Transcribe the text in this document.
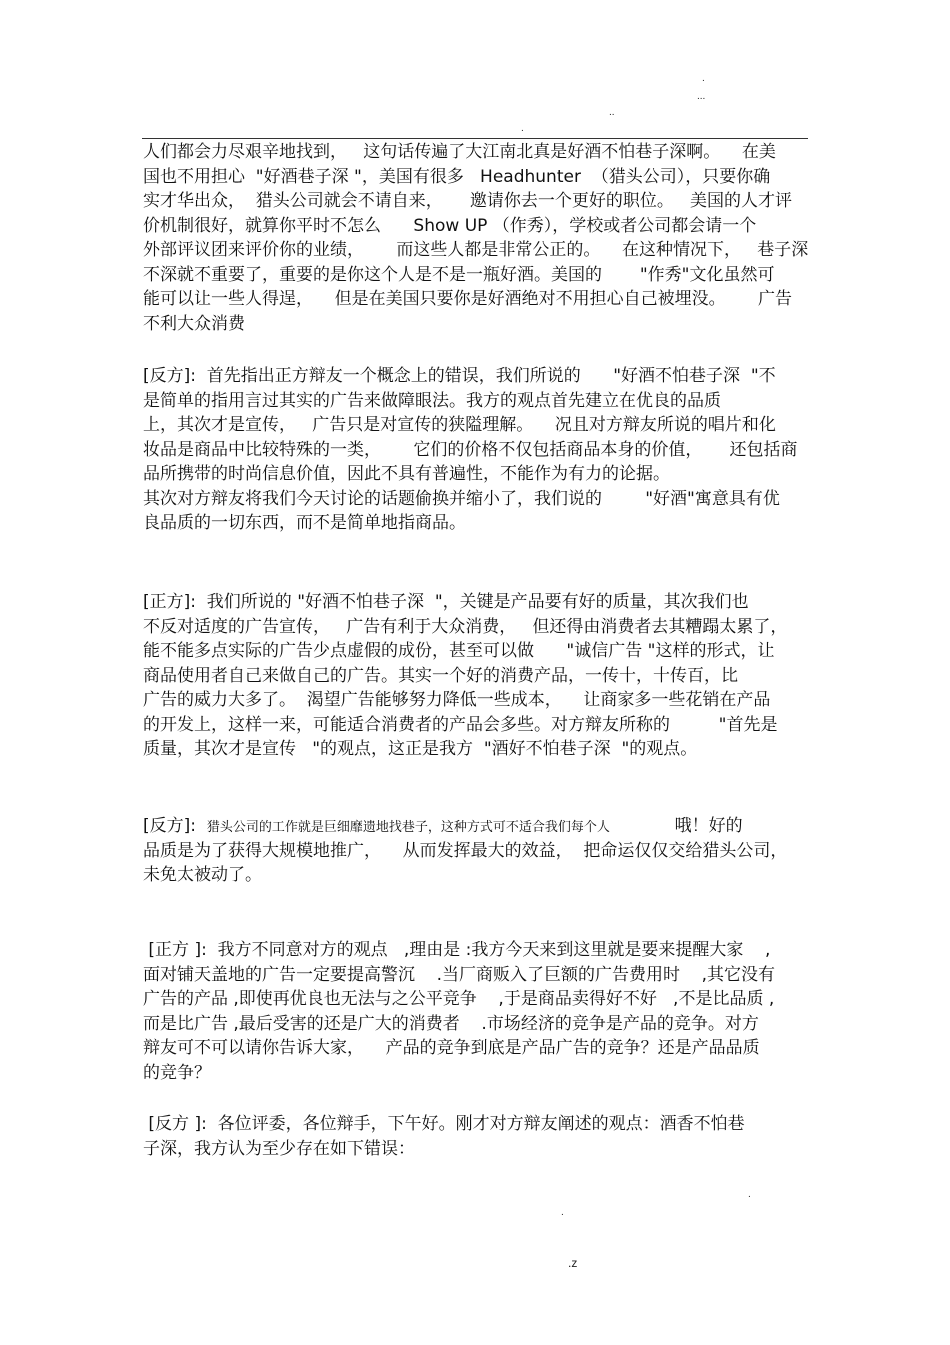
.
...
..
.
人们都会力尽艰辛地找到，   这句话传遍了大江南北真是好酒不怕巷子深啊。    在美
国也不用担心  "好酒巷子深 "，美国有很多   Headhunter  （猎头公司），只要你确
实才华出众，  猎头公司就会不请自来，     邀请你去一个更好的职位。   美国的人才评
价机制很好，就算你平时不怎么      Show UP （作秀），学校或者公司都会请一个
外部评议团来评价你的业绩，      而这些人都是非常公正的。    在这种情况下，   巷子深
不深就不重要了，重要的是你这个人是不是一瓶好酒。美国的       "作秀"文化虽然可
能可以让一些人得逞，    但是在美国只要你是好酒绝对不用担心自己被埋没。      广告
不利大众消费
[反方]:  首先指出正方辩友一个概念上的错误，我们所说的      "好酒不怕巷子深  "不
是简单的指用言过其实的广告来做障眼法。我方的观点首先建立在优良的品质
上，其次才是宣传，   广告只是对宣传的狭隘理解。    况且对方辩友所说的唱片和化
妆品是商品中比较特殊的一类，      它们的价格不仅包括商品本身的价值，     还包括商
品所携带的时尚信息价值，因此不具有普遍性，不能作为有力的论据。
其次对方辩友将我们今天讨论的话题偷换并缩小了，我们说的        "好酒"寓意具有优
良品质的一切东西，而不是简单地指商品。
[正方]:  我们所说的 "好酒不怕巷子深  "，关键是产品要有好的质量，其次我们也
不反对适度的广告宣传，   广告有利于大众消费，   但还得由消费者去其糟蹋太累了，
能不能多点实际的广告少点虚假的成份，甚至可以做      "诚信广告 "这样的形式，让
商品使用者自己来做自己的广告。其实一个好的消费产品，一传十，十传百，比
广告的威力大多了。  渴望广告能够努力降低一些成本，    让商家多一些花销在产品
的开发上，这样一来，可能适合消费者的产品会多些。对方辩友所称的         "首先是
质量，其次才是宣传   "的观点，这正是我方  "酒好不怕巷子深  "的观点。
[反方]:  猎头公司的工作就是巨细靡遗地找巷子，这种方式可不适合我们每个人            哦！好的
品质是为了获得大规模地推广，    从而发挥最大的效益，  把命运仅仅交给猎头公司，
未免太被动了。
[正方 ]:  我方不同意对方的观点   ,理由是 :我方今天来到这里就是要来提醒大家    ,
面对铺天盖地的广告一定要提高警沉    .当厂商贩入了巨额的广告费用时    ,其它没有
广告的产品 ,即使再优良也无法与之公平竞争    ,于是商品卖得好不好   ,不是比品质 ,
而是比广告 ,最后受害的还是广大的消费者    .市场经济的竞争是产品的竞争。对方
辩友可不可以请你告诉大家，    产品的竞争到底是产品广告的竞争？还是产品品质
的竞争？
[反方 ]:  各位评委，各位辩手，下午好。刚才对方辩友阐述的观点：酒香不怕巷
子深，我方认为至少存在如下错误：
.
.
.z
